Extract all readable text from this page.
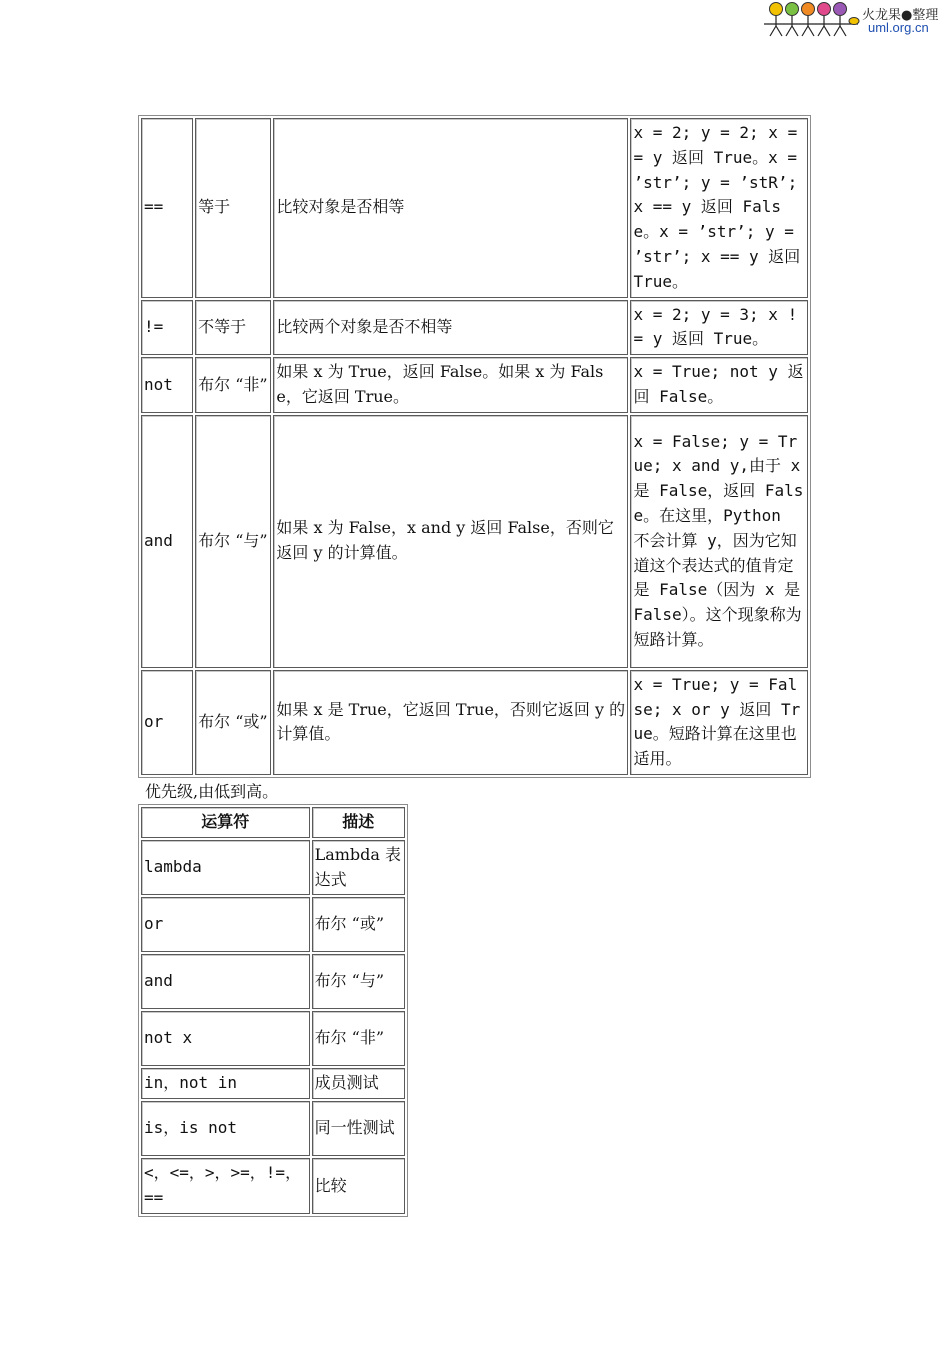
火龙果●整理
uml.org.cn
==	等于	比较对象是否相等	x = 2; y = 2; x == y 返回 True。x = ’str’; y = ’stR’; x == y 返回 False。x = ’str’; y = ’str’; x == y 返回 True。
!=	不等于	比较两个对象是否不相等	x = 2; y = 3; x != y 返回 True。
not	布尔 “非”	如果 x 为 True，返回 False。如果 x 为 False，它返回 True。	x = True; not y 返回 False。
and	布尔 “与”	如果 x 为 False，x and y 返回 False，否则它返回 y 的计算值。	x = False; y = True; x and y,由于 x 是 False，返回 False。在这里，Python 不会计算 y，因为它知道这个表达式的值肯定是 False（因为 x 是 False）。这个现象称为短路计算。
or	布尔 “或”	如果 x 是 True，它返回 True，否则它返回 y 的计算值。	x = True; y = False; x or y 返回 True。短路计算在这里也适用。
优先级,由低到高。
运算符	描述
lambda	Lambda 表达式
or	布尔 “或”
and	布尔 “与”
not x	布尔 “非”
in，not in	成员测试
is，is not	同一性测试
<，<=，>，>=，!=，==	比较
